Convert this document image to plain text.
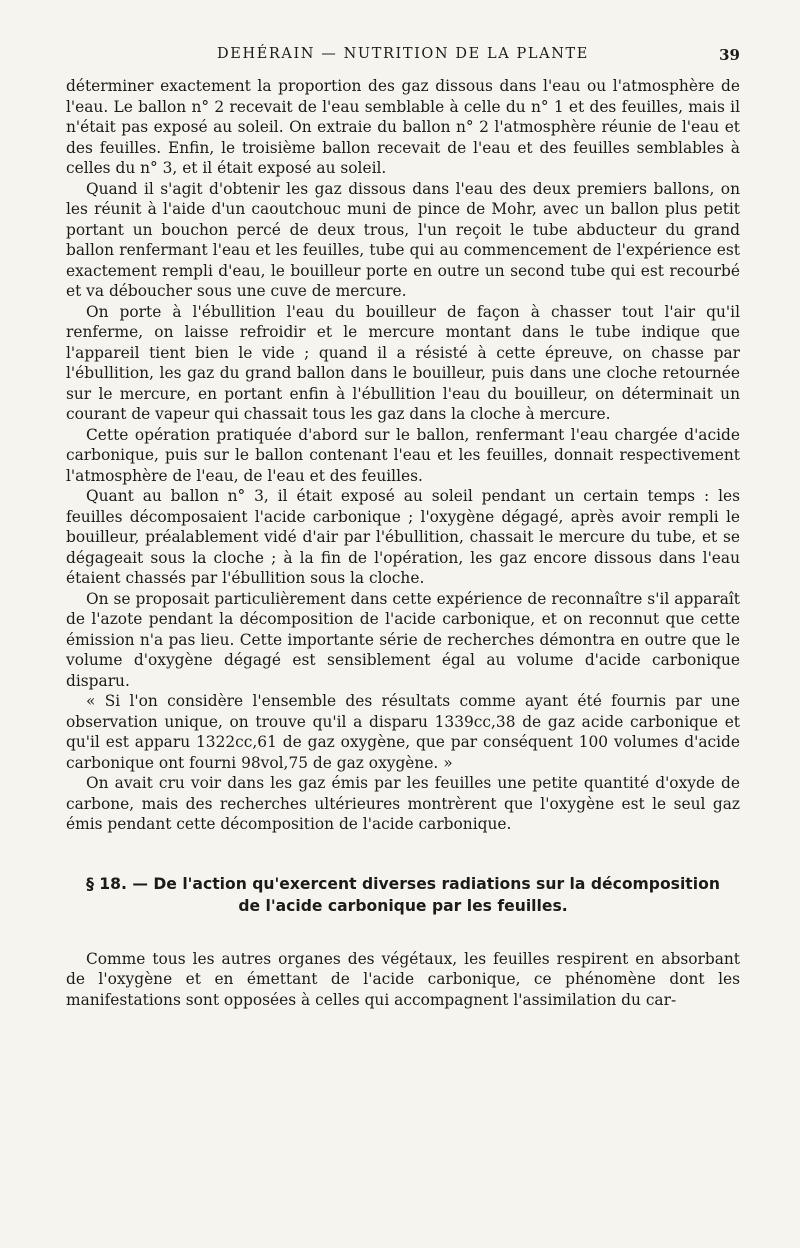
DEHÉRAIN — NUTRITION DE LA PLANTE	39

déterminer exactement la proportion des gaz dissous dans l'eau ou l'atmosphère de l'eau. Le ballon n° 2 recevait de l'eau semblable à celle du n° 1 et des feuilles, mais il n'était pas exposé au soleil. On extraie du ballon n° 2 l'atmosphère réunie de l'eau et des feuilles. Enfin, le troisième ballon recevait de l'eau et des feuilles semblables à celles du n° 3, et il était exposé au soleil.

Quand il s'agit d'obtenir les gaz dissous dans l'eau des deux premiers ballons, on les réunit à l'aide d'un caoutchouc muni de pince de Mohr, avec un ballon plus petit portant un bouchon percé de deux trous, l'un reçoit le tube abducteur du grand ballon renfermant l'eau et les feuilles, tube qui au commencement de l'expérience est exactement rempli d'eau, le bouilleur porte en outre un second tube qui est recourbé et va déboucher sous une cuve de mercure.

On porte à l'ébullition l'eau du bouilleur de façon à chasser tout l'air qu'il renferme, on laisse refroidir et le mercure montant dans le tube indique que l'appareil tient bien le vide ; quand il a résisté à cette épreuve, on chasse par l'ébullition, les gaz du grand ballon dans le bouilleur, puis dans une cloche retournée sur le mercure, en portant enfin à l'ébullition l'eau du bouilleur, on déterminait un courant de vapeur qui chassait tous les gaz dans la cloche à mercure.

Cette opération pratiquée d'abord sur le ballon, renfermant l'eau chargée d'acide carbonique, puis sur le ballon contenant l'eau et les feuilles, donnait respectivement l'atmosphère de l'eau, de l'eau et des feuilles.

Quant au ballon n° 3, il était exposé au soleil pendant un certain temps : les feuilles décomposaient l'acide carbonique ; l'oxygène dégagé, après avoir rempli le bouilleur, préalablement vidé d'air par l'ébullition, chassait le mercure du tube, et se dégageait sous la cloche ; à la fin de l'opération, les gaz encore dissous dans l'eau étaient chassés par l'ébullition sous la cloche.

On se proposait particulièrement dans cette expérience de reconnaître s'il apparaît de l'azote pendant la décomposition de l'acide carbonique, et on reconnut que cette émission n'a pas lieu. Cette importante série de recherches démontra en outre que le volume d'oxygène dégagé est sensiblement égal au volume d'acide carbonique disparu.

« Si l'on considère l'ensemble des résultats comme ayant été fournis par une observation unique, on trouve qu'il a disparu 1339cc,38 de gaz acide carbonique et qu'il est apparu 1322cc,61 de gaz oxygène, que par conséquent 100 volumes d'acide carbonique ont fourni 98vol,75 de gaz oxygène. »

On avait cru voir dans les gaz émis par les feuilles une petite quantité d'oxyde de carbone, mais des recherches ultérieures montrèrent que l'oxygène est le seul gaz émis pendant cette décomposition de l'acide carbonique.

§ 18. — De l'action qu'exercent diverses radiations sur la décomposition
de l'acide carbonique par les feuilles.

Comme tous les autres organes des végétaux, les feuilles respirent en absorbant de l'oxygène et en émettant de l'acide carbonique, ce phénomène dont les manifestations sont opposées à celles qui accompagnent l'assimilation du car-
